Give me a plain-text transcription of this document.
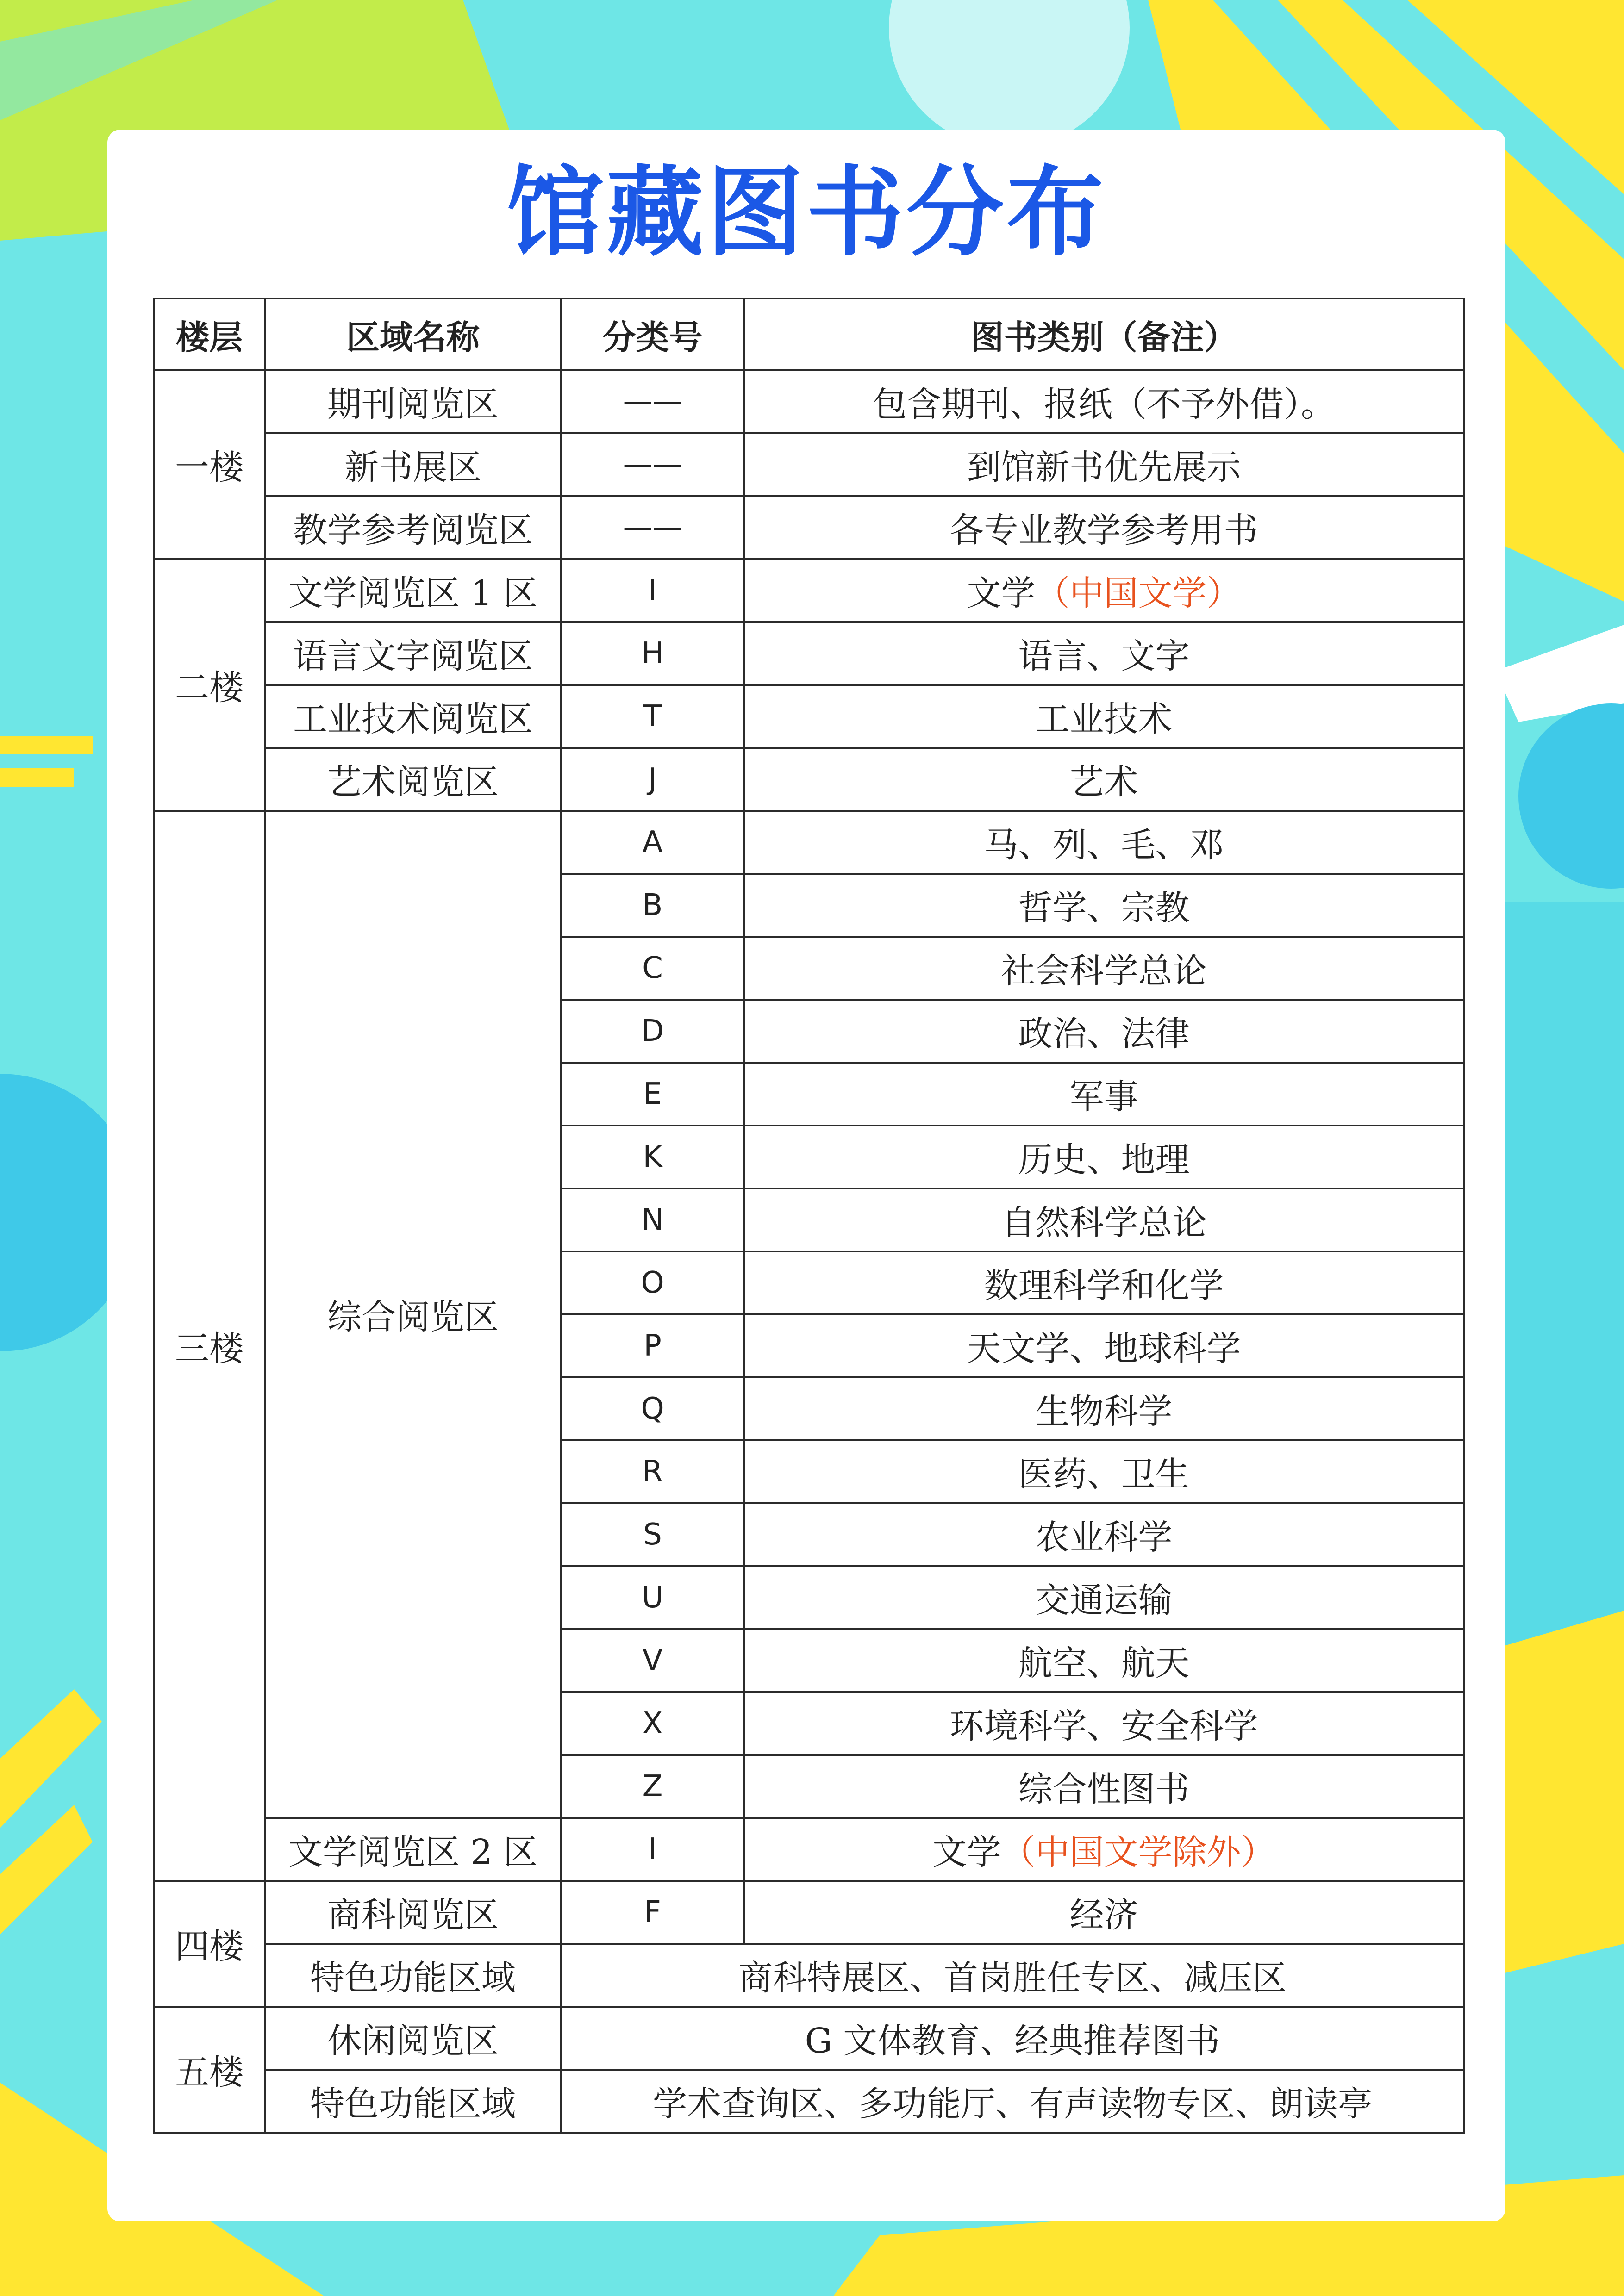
馆藏图书分布
楼层	区域名称	分类号	图书类别（备注）
一楼	期刊阅览区	——	包含期刊、报纸（不予外借）。
	新书展区	——	到馆新书优先展示
	教学参考阅览区	——	各专业教学参考用书
二楼	文学阅览区 1 区	I	文学（中国文学）
	语言文字阅览区	H	语言、文字
	工业技术阅览区	T	工业技术
	艺术阅览区	J	艺术
三楼	综合阅览区	A	马、列、毛、邓
		B	哲学、宗教
		C	社会科学总论
		D	政治、法律
		E	军事
		K	历史、地理
		N	自然科学总论
		O	数理科学和化学
		P	天文学、地球科学
		Q	生物科学
		R	医药、卫生
		S	农业科学
		U	交通运输
		V	航空、航天
		X	环境科学、安全科学
		Z	综合性图书
	文学阅览区 2 区	I	文学（中国文学除外）
四楼	商科阅览区	F	经济
	特色功能区域	商科特展区、首岗胜任专区、减压区	
五楼	休闲阅览区	G 文体教育、经典推荐图书	
	特色功能区域	学术查询区、多功能厅、有声读物专区、朗读亭	
